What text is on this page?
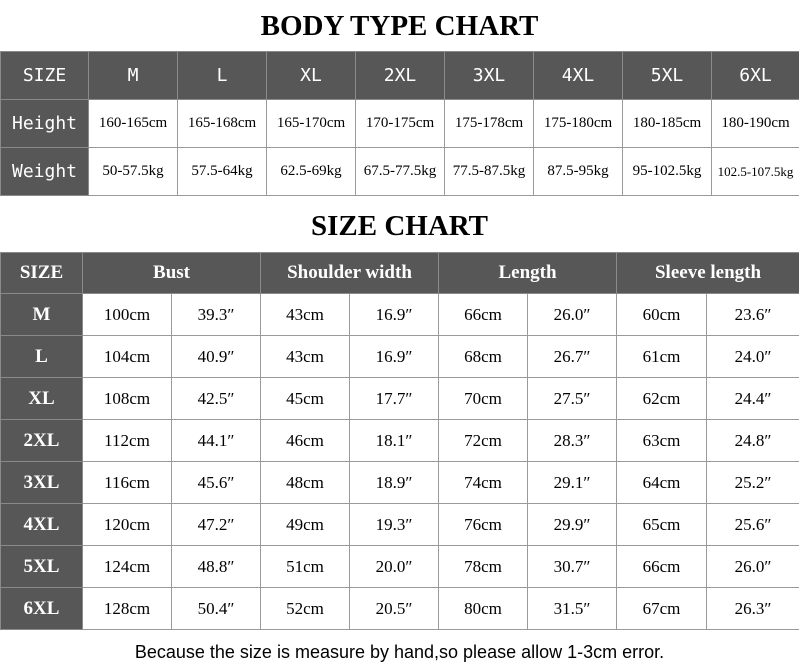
BODY TYPE CHART
SIZE	M	L	XL	2XL	3XL	4XL	5XL	6XL
Height	160-165cm	165-168cm	165-170cm	170-175cm	175-178cm	175-180cm	180-185cm	180-190cm
Weight	50-57.5kg	57.5-64kg	62.5-69kg	67.5-77.5kg	77.5-87.5kg	87.5-95kg	95-102.5kg	102.5-107.5kg
SIZE CHART
SIZE	Bust		Shoulder width		Length		Sleeve length	
M	100cm	39.3″	43cm	16.9″	66cm	26.0″	60cm	23.6″
L	104cm	40.9″	43cm	16.9″	68cm	26.7″	61cm	24.0″
XL	108cm	42.5″	45cm	17.7″	70cm	27.5″	62cm	24.4″
2XL	112cm	44.1″	46cm	18.1″	72cm	28.3″	63cm	24.8″
3XL	116cm	45.6″	48cm	18.9″	74cm	29.1″	64cm	25.2″
4XL	120cm	47.2″	49cm	19.3″	76cm	29.9″	65cm	25.6″
5XL	124cm	48.8″	51cm	20.0″	78cm	30.7″	66cm	26.0″
6XL	128cm	50.4″	52cm	20.5″	80cm	31.5″	67cm	26.3″
Because the size is measure by hand,so please allow 1-3cm error.
